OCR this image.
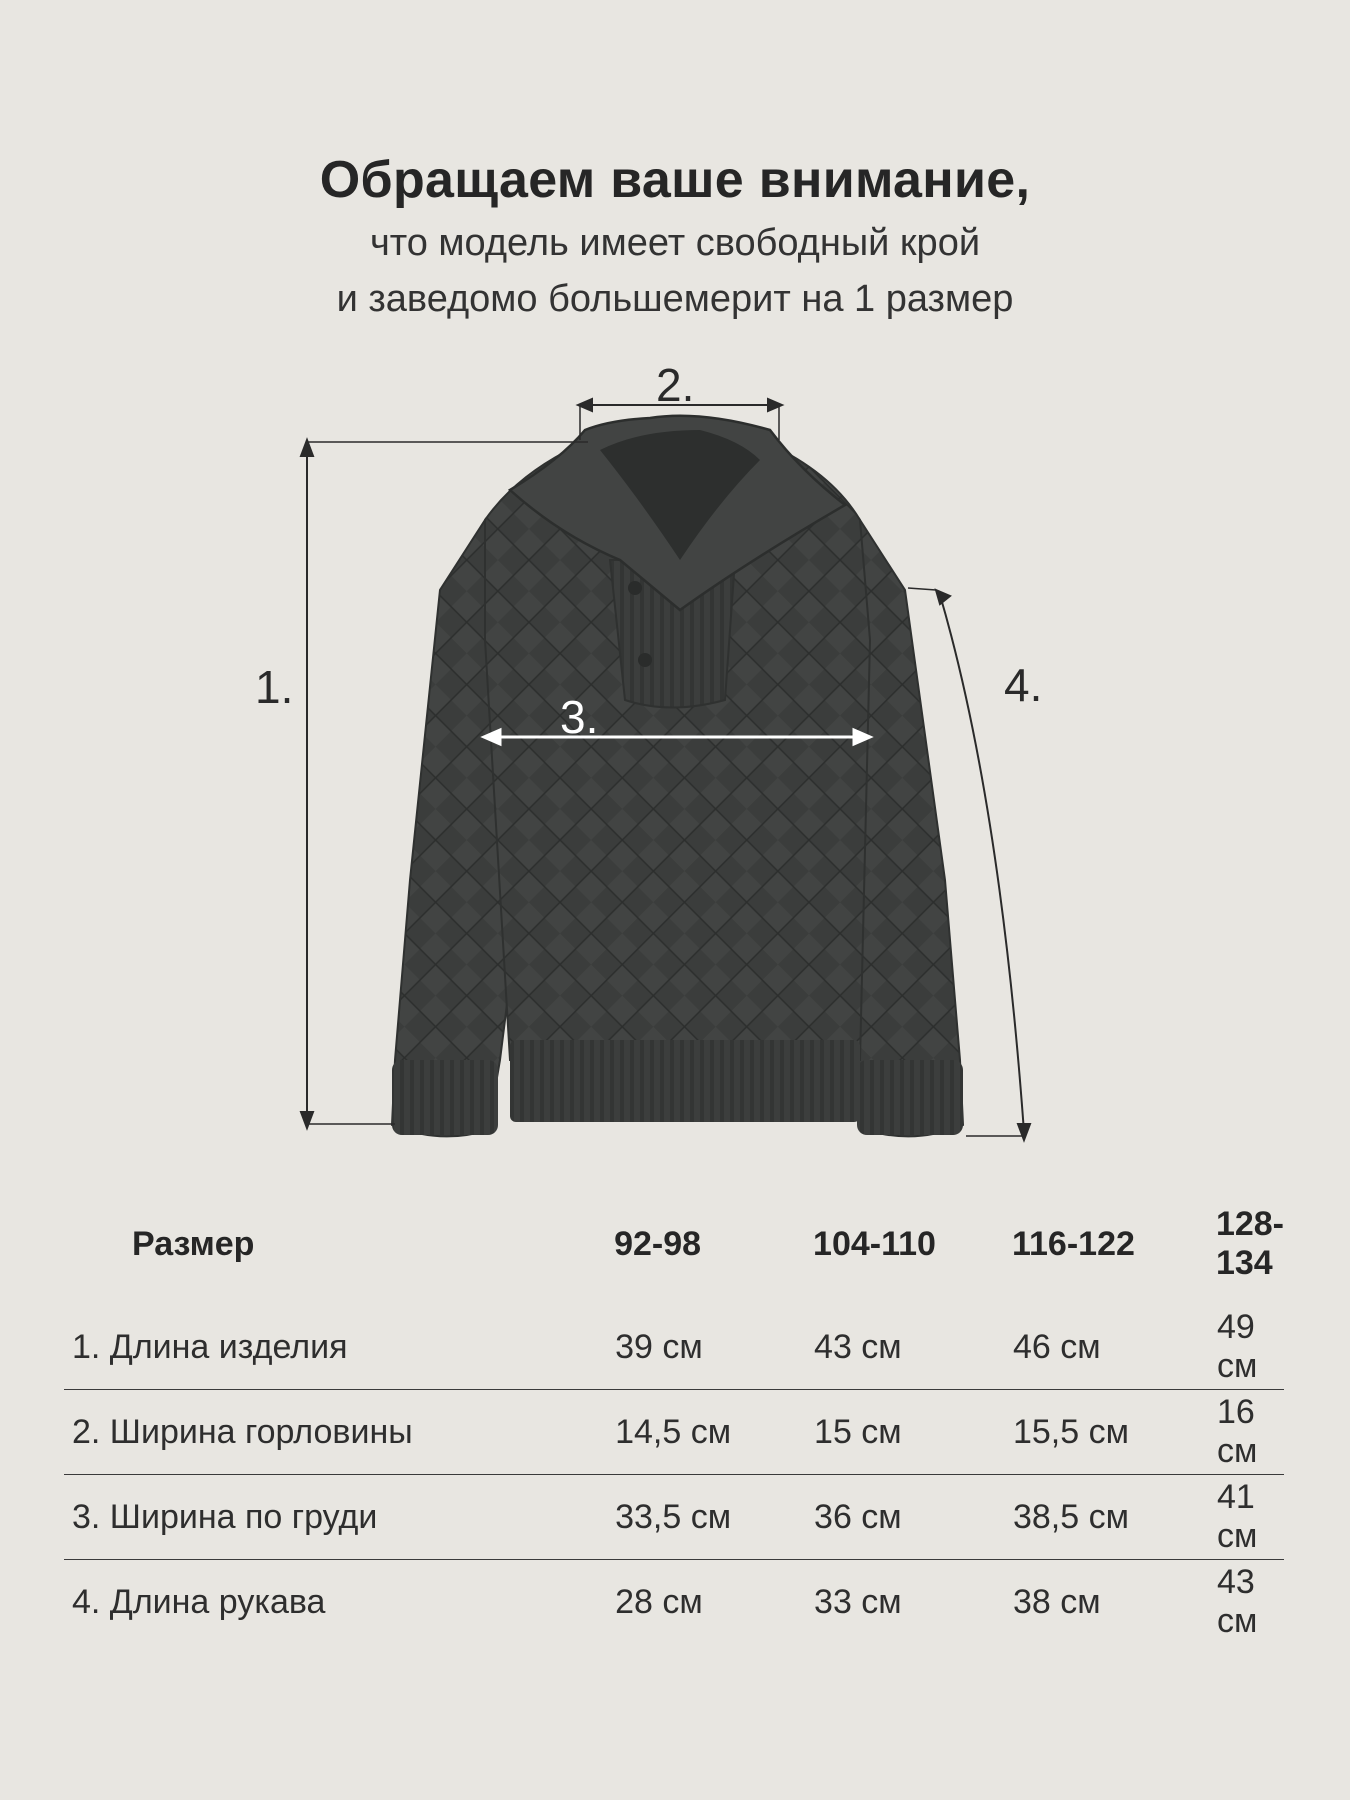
Обращаем ваше внимание,
что модель имеет свободный крой
и заведомо большемерит на 1 размер
1.
2.
3.
4.
Размер	92-98	104-110	116-122	128-134
1. Длина изделия	39 см	43 см	46 см	49 см
2. Ширина горловины	14,5 см	15 см	15,5 см	16 см
3. Ширина по груди	33,5 см	36 см	38,5 см	41 см
4. Длина рукава	28 см	33 см	38 см	43 см
